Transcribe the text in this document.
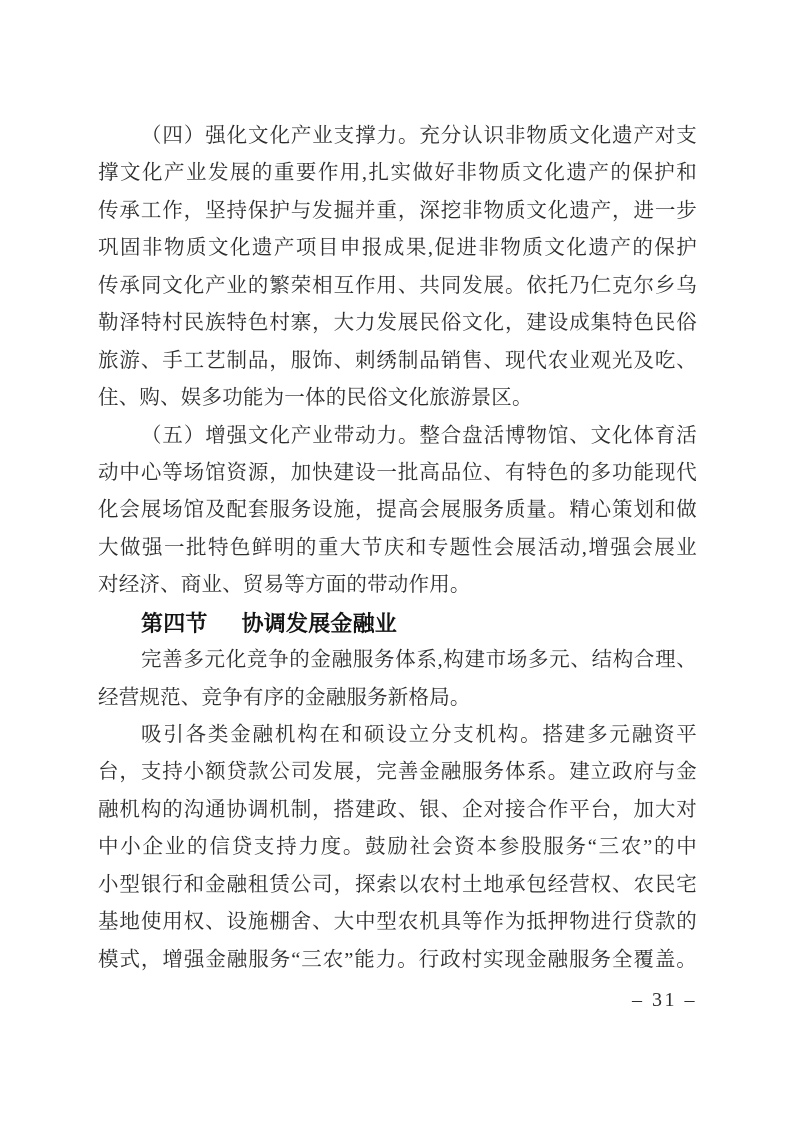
（四）强化文化产业支撑力。充分认识非物质文化遗产对支
撑文化产业发展的重要作用,扎实做好非物质文化遗产的保护和
传承工作，坚持保护与发掘并重，深挖非物质文化遗产，进一步
巩固非物质文化遗产项目申报成果,促进非物质文化遗产的保护
传承同文化产业的繁荣相互作用、共同发展。依托乃仁克尔乡乌
勒泽特村民族特色村寨，大力发展民俗文化，建设成集特色民俗
旅游、手工艺制品，服饰、刺绣制品销售、现代农业观光及吃、
住、购、娱多功能为一体的民俗文化旅游景区。
（五）增强文化产业带动力。整合盘活博物馆、文化体育活
动中心等场馆资源，加快建设一批高品位、有特色的多功能现代
化会展场馆及配套服务设施，提高会展服务质量。精心策划和做
大做强一批特色鲜明的重大节庆和专题性会展活动,增强会展业
对经济、商业、贸易等方面的带动作用。
第四节 协调发展金融业
完善多元化竞争的金融服务体系,构建市场多元、结构合理、
经营规范、竞争有序的金融服务新格局。
吸引各类金融机构在和硕设立分支机构。搭建多元融资平
台，支持小额贷款公司发展，完善金融服务体系。建立政府与金
融机构的沟通协调机制，搭建政、银、企对接合作平台，加大对
中小企业的信贷支持力度。鼓励社会资本参股服务“三农”的中
小型银行和金融租赁公司，探索以农村土地承包经营权、农民宅
基地使用权、设施棚舍、大中型农机具等作为抵押物进行贷款的
模式，增强金融服务“三农”能力。行政村实现金融服务全覆盖。
– 31 –
